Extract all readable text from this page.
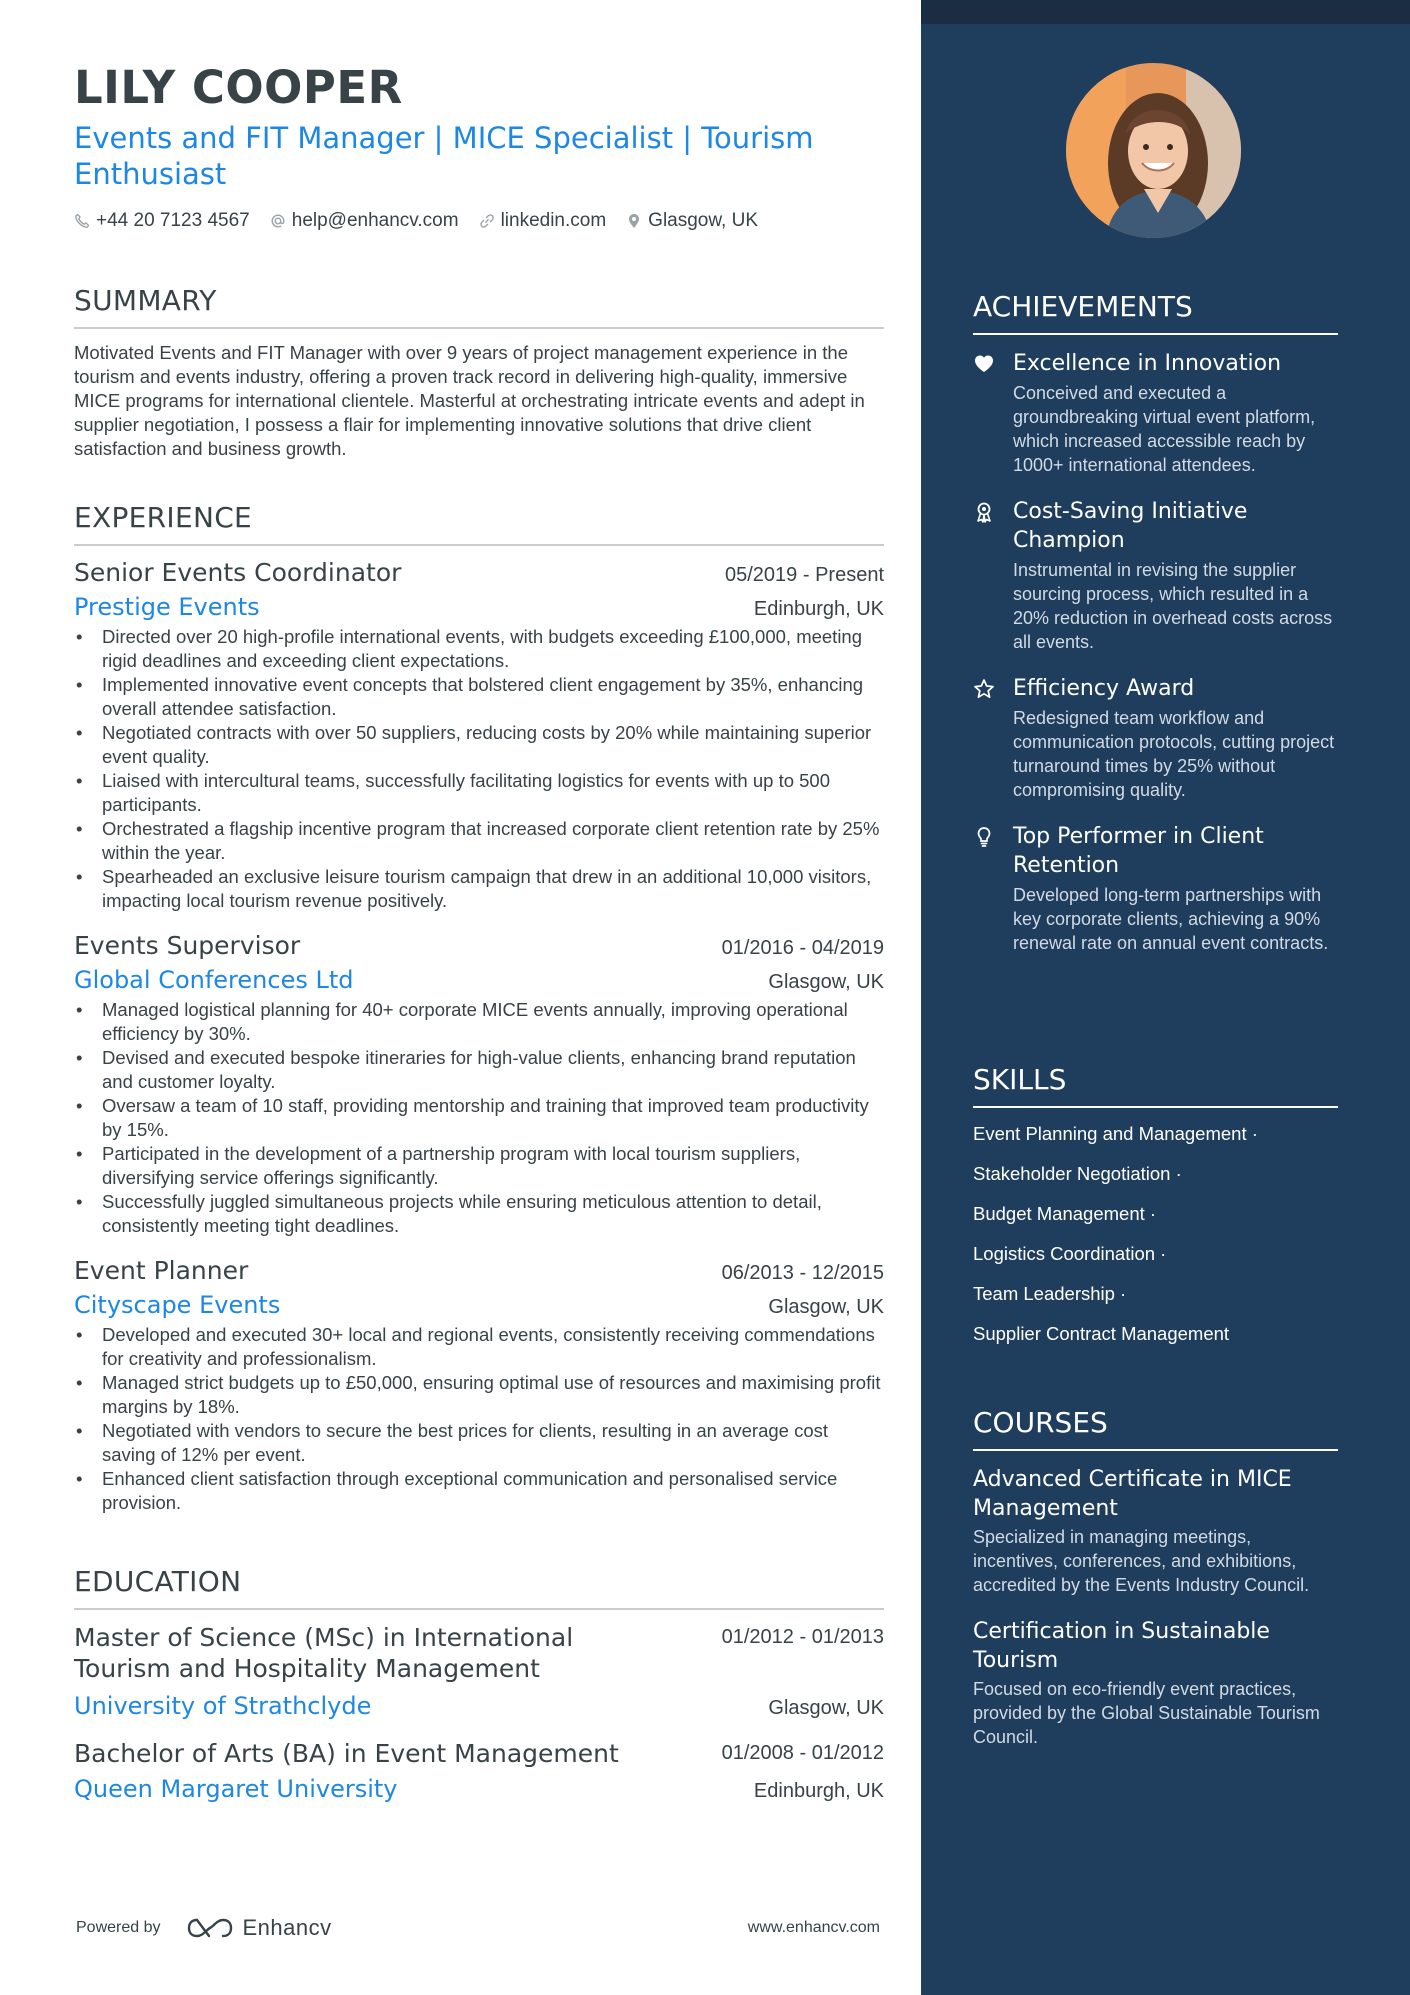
LILY COOPER
Events and FIT Manager | MICE Specialist | Tourism Enthusiast
+44 20 7123 4567 help@enhancv.com linkedin.com Glasgow, UK
SUMMARY
Motivated Events and FIT Manager with over 9 years of project management experience in the tourism and events industry, offering a proven track record in delivering high-quality, immersive MICE programs for international clientele. Masterful at orchestrating intricate events and adept in supplier negotiation, I possess a flair for implementing innovative solutions that drive client satisfaction and business growth.
EXPERIENCE
Senior Events Coordinator	05/2019 - Present
Prestige Events	Edinburgh, UK
• Directed over 20 high-profile international events, with budgets exceeding £100,000, meeting rigid deadlines and exceeding client expectations.
• Implemented innovative event concepts that bolstered client engagement by 35%, enhancing overall attendee satisfaction.
• Negotiated contracts with over 50 suppliers, reducing costs by 20% while maintaining superior event quality.
• Liaised with intercultural teams, successfully facilitating logistics for events with up to 500 participants.
• Orchestrated a flagship incentive program that increased corporate client retention rate by 25% within the year.
• Spearheaded an exclusive leisure tourism campaign that drew in an additional 10,000 visitors, impacting local tourism revenue positively.
Events Supervisor	01/2016 - 04/2019
Global Conferences Ltd	Glasgow, UK
• Managed logistical planning for 40+ corporate MICE events annually, improving operational efficiency by 30%.
• Devised and executed bespoke itineraries for high-value clients, enhancing brand reputation and customer loyalty.
• Oversaw a team of 10 staff, providing mentorship and training that improved team productivity by 15%.
• Participated in the development of a partnership program with local tourism suppliers, diversifying service offerings significantly.
• Successfully juggled simultaneous projects while ensuring meticulous attention to detail, consistently meeting tight deadlines.
Event Planner	06/2013 - 12/2015
Cityscape Events	Glasgow, UK
• Developed and executed 30+ local and regional events, consistently receiving commendations for creativity and professionalism.
• Managed strict budgets up to £50,000, ensuring optimal use of resources and maximising profit margins by 18%.
• Negotiated with vendors to secure the best prices for clients, resulting in an average cost saving of 12% per event.
• Enhanced client satisfaction through exceptional communication and personalised service provision.
EDUCATION
Master of Science (MSc) in International Tourism and Hospitality Management
01/2012 - 01/2013
University of Strathclyde	Glasgow, UK
Bachelor of Arts (BA) in Event Management	01/2008 - 01/2012
Queen Margaret University	Edinburgh, UK
Powered by	Enhancv	www.enhancv.com
ACHIEVEMENTS
Excellence in Innovation
Conceived and executed a groundbreaking virtual event platform, which increased accessible reach by 1000+ international attendees.
Cost-Saving Initiative Champion
Instrumental in revising the supplier sourcing process, which resulted in a 20% reduction in overhead costs across all events.
Efficiency Award
Redesigned team workflow and communication protocols, cutting project turnaround times by 25% without compromising quality.
Top Performer in Client Retention
Developed long-term partnerships with key corporate clients, achieving a 90% renewal rate on annual event contracts.
SKILLS
Event Planning and Management ·
Stakeholder Negotiation ·
Budget Management ·
Logistics Coordination ·
Team Leadership ·
Supplier Contract Management
COURSES
Advanced Certificate in MICE Management
Specialized in managing meetings, incentives, conferences, and exhibitions, accredited by the Events Industry Council.
Certification in Sustainable Tourism
Focused on eco-friendly event practices, provided by the Global Sustainable Tourism Council.
